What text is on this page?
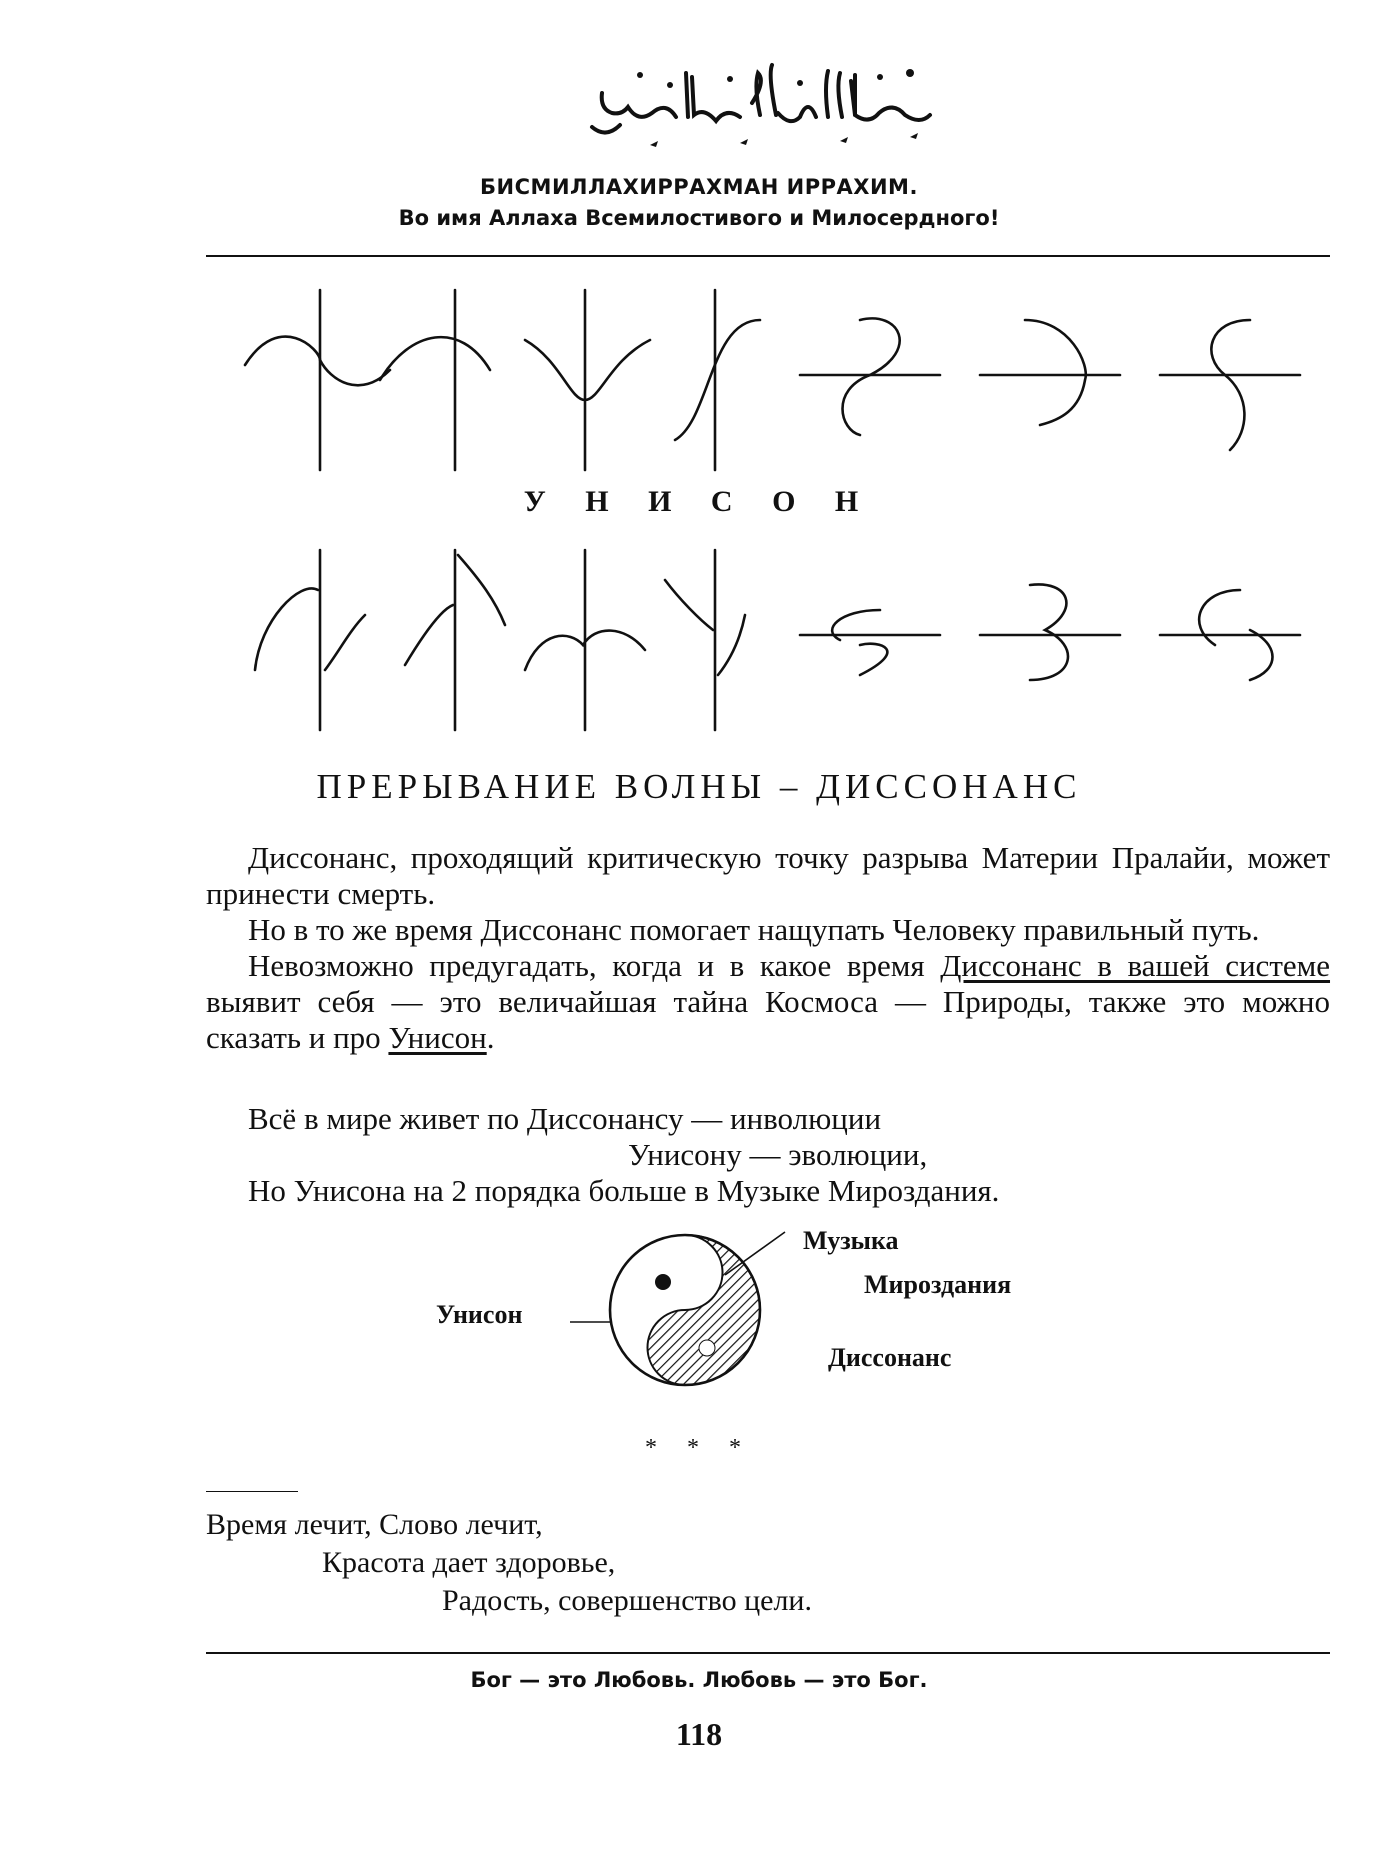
БИСМИЛЛАХИРРАХМАН ИРРАХИМ.
Во имя Аллаха Всемилостивого и Милосердного!
У Н И С О Н
ПРЕРЫВАНИЕ ВОЛНЫ – ДИССОНАНС

Диссонанс, проходящий критическую точку разрыва Материи Пралайи, может принести смерть.

Но в то же время Диссонанс помогает нащупать Человеку правильный путь.

Невозможно предугадать, когда и в какое время Диссонанс в вашей системе выявит себя — это величайшая тайна Космоса — Природы, также это можно сказать и про Унисон.

Всё в мире живет по Диссонансу — инволюции
Унисону — эволюции,
Но Унисона на 2 порядка больше в Музыке Мироздания.
Унисон
Музыка
Мироздания
Диссонанс
* * *
Время лечит, Слово лечит,
Красота дает здоровье,
Радость, совершенство цели.
Бог — это Любовь. Любовь — это Бог.
118
